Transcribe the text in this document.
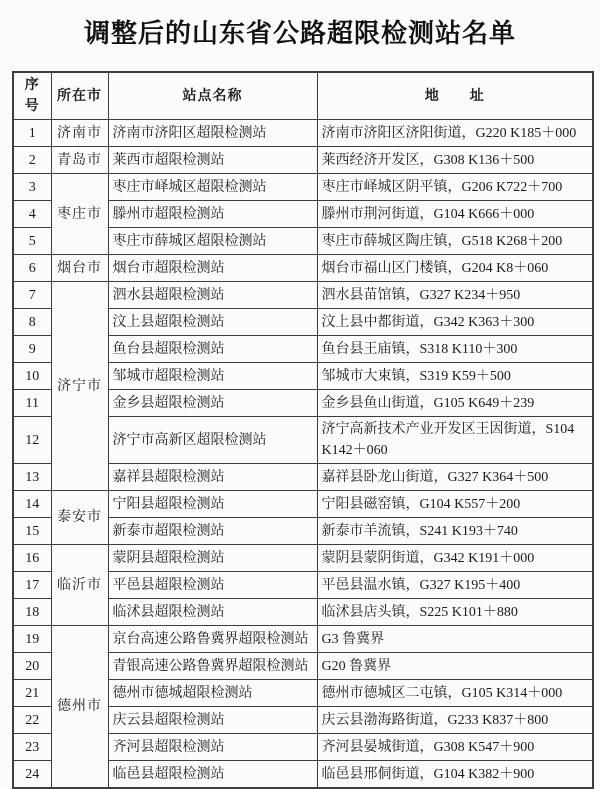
调整后的山东省公路超限检测站名单
序号	所在市	站点名称	地　　址
1	济南市	济南市济阳区超限检测站	济南市济阳区济阳街道，G220 K185＋000
2	青岛市	莱西市超限检测站	莱西经济开发区，G308 K136＋500
3	枣庄市	枣庄市峄城区超限检测站	枣庄市峄城区阴平镇，G206 K722＋700
4		滕州市超限检测站	滕州市荆河街道，G104 K666＋000
5		枣庄市薛城区超限检测站	枣庄市薛城区陶庄镇，G518 K268＋200
6	烟台市	烟台市超限检测站	烟台市福山区门楼镇，G204 K8＋060
7	济宁市	泗水县超限检测站	泗水县苗馆镇，G327 K234＋950
8		汶上县超限检测站	汶上县中都街道，G342 K363＋300
9		鱼台县超限检测站	鱼台县王庙镇，S318 K110＋300
10		邹城市超限检测站	邹城市大束镇，S319 K59＋500
11		金乡县超限检测站	金乡县鱼山街道，G105 K649＋239
12		济宁市高新区超限检测站	济宁高新技术产业开发区王因街道，S104 K142＋060
13		嘉祥县超限检测站	嘉祥县卧龙山街道，G327 K364＋500
14	泰安市	宁阳县超限检测站	宁阳县磁窑镇，G104 K557＋200
15		新泰市超限检测站	新泰市羊流镇，S241 K193＋740
16	临沂市	蒙阴县超限检测站	蒙阴县蒙阴街道，G342 K191＋000
17		平邑县超限检测站	平邑县温水镇，G327 K195＋400
18		临沭县超限检测站	临沭县店头镇，S225 K101＋880
19	德州市	京台高速公路鲁冀界超限检测站	G3 鲁冀界
20		青银高速公路鲁冀界超限检测站	G20 鲁冀界
21		德州市德城超限检测站	德州市德城区二屯镇，G105 K314＋000
22		庆云县超限检测站	庆云县渤海路街道，G233 K837＋800
23		齐河县超限检测站	齐河县晏城街道，G308 K547＋900
24		临邑县超限检测站	临邑县邢侗街道，G104 K382＋900
